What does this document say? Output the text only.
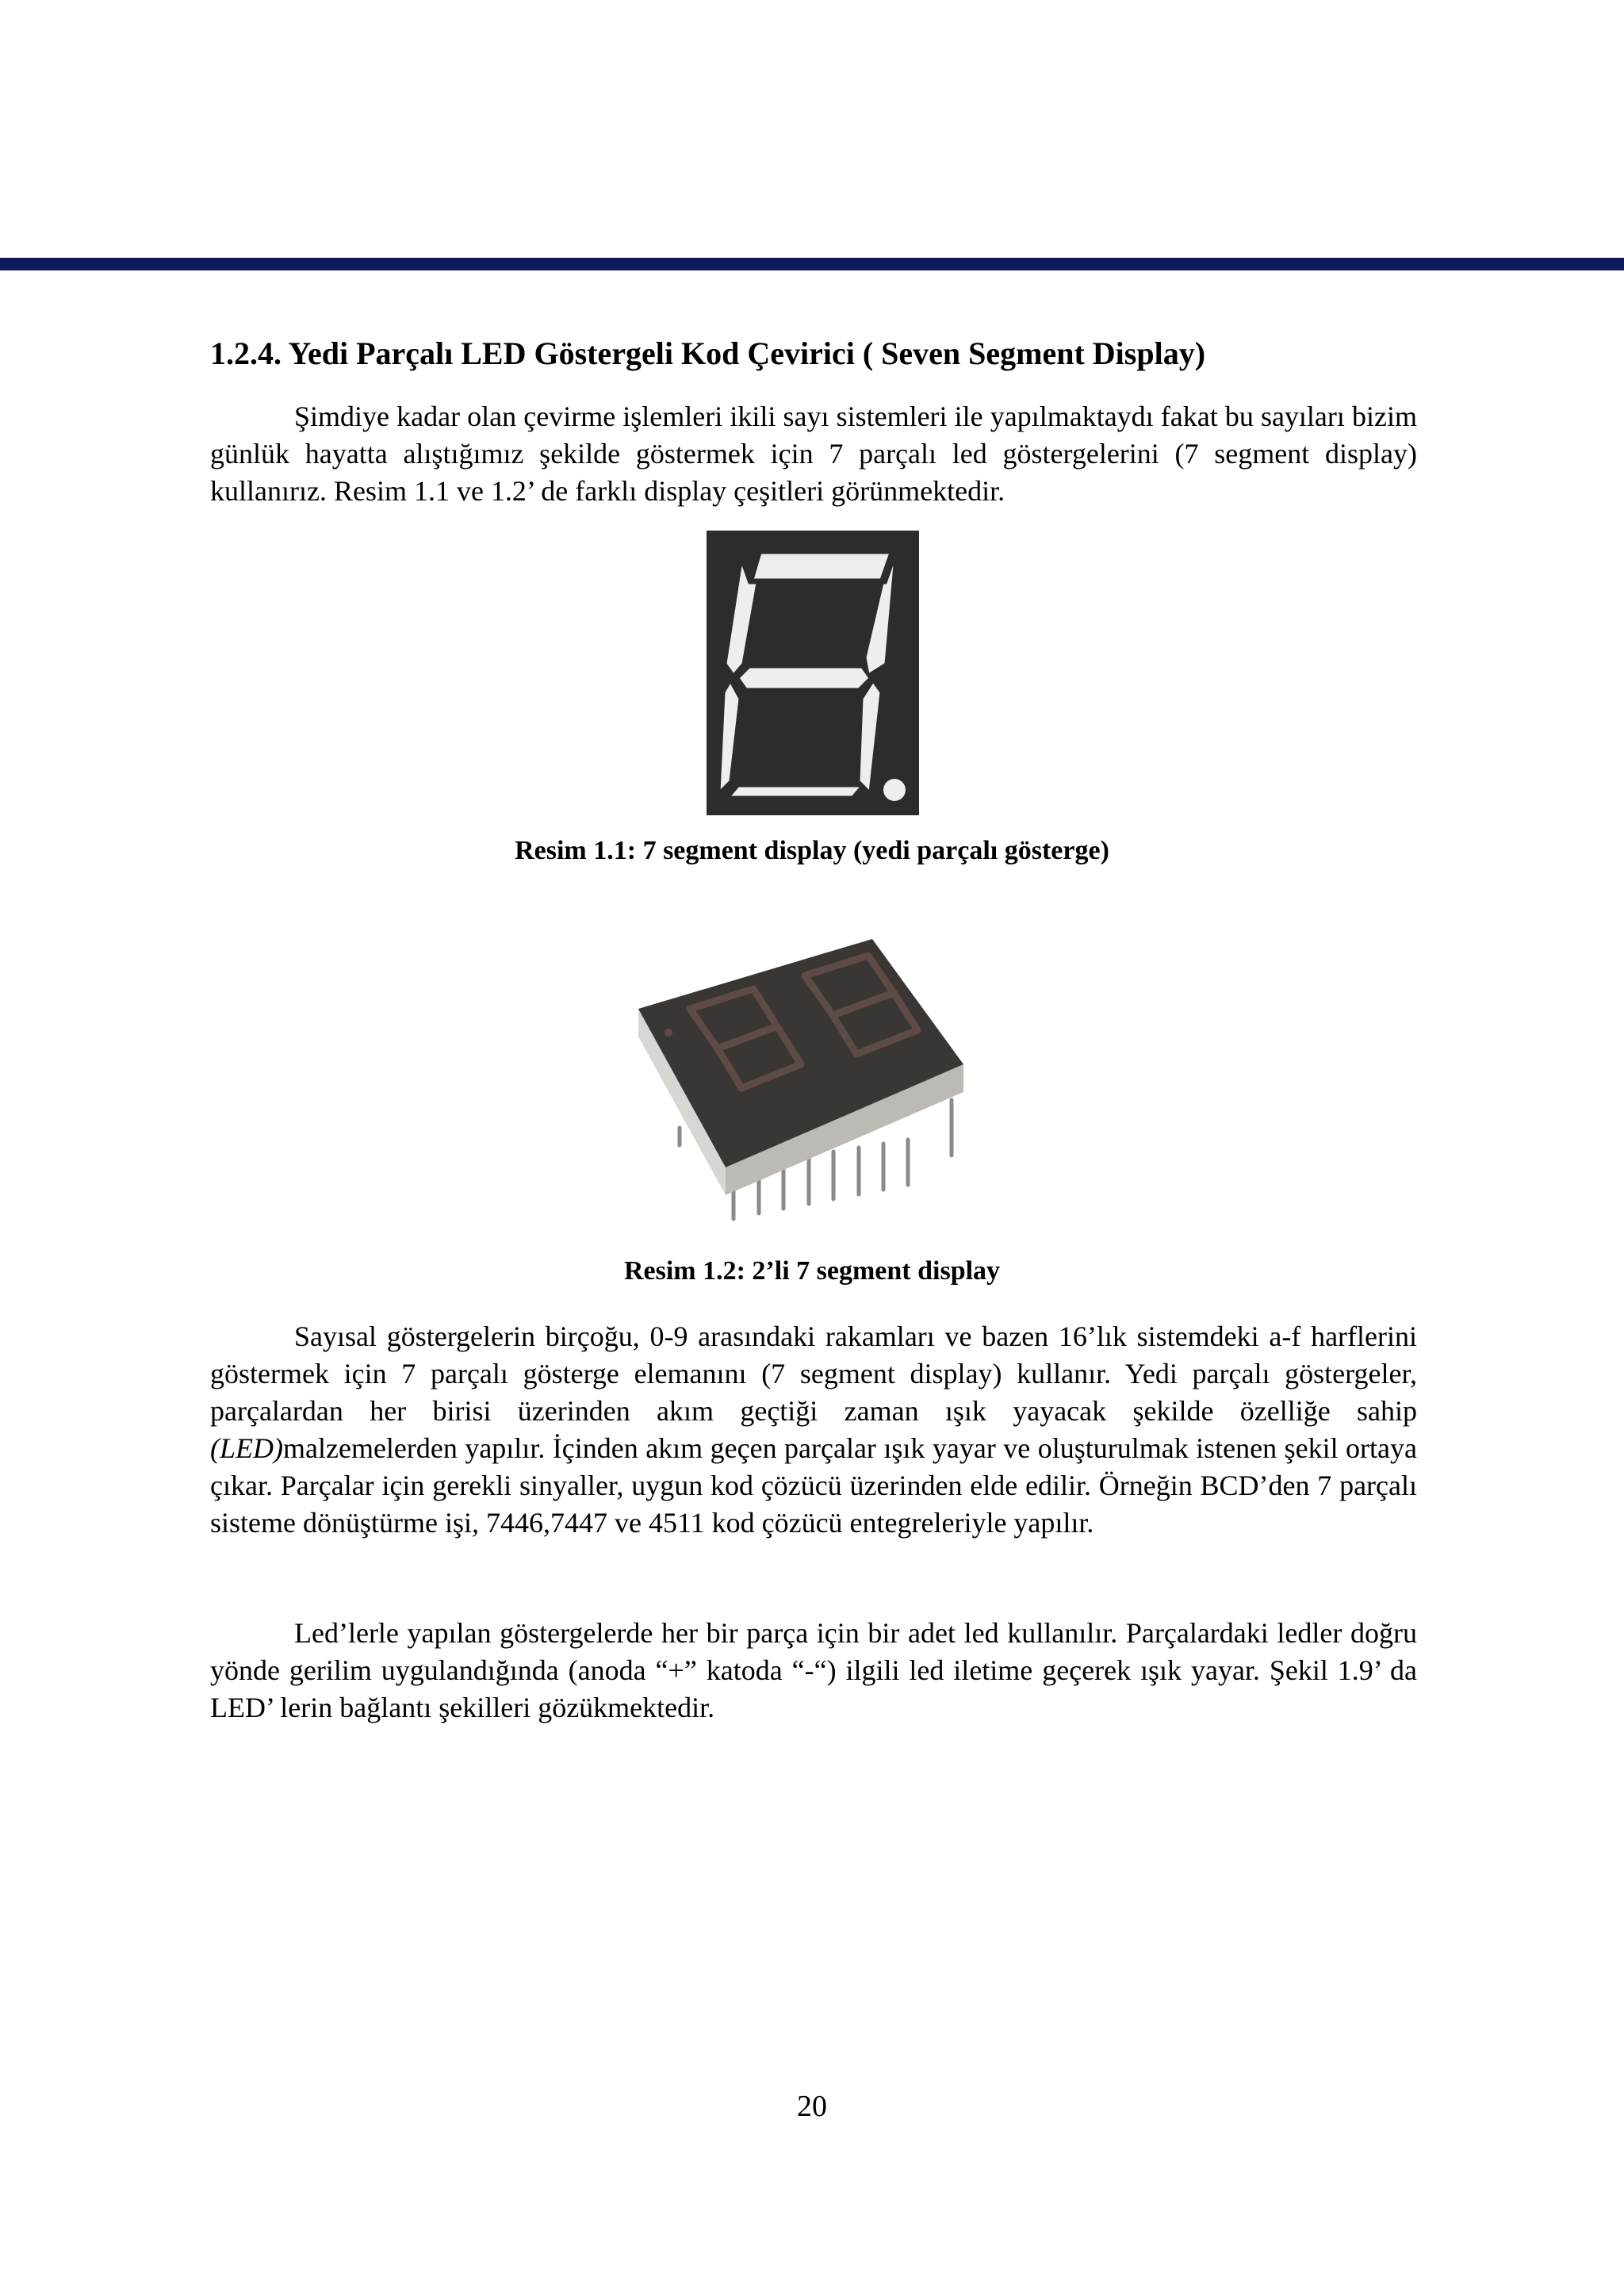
1.2.4. Yedi Parçalı LED Göstergeli Kod Çevirici ( Seven Segment Display)

Şimdiye kadar olan çevirme işlemleri ikili sayı sistemleri ile yapılmaktaydı fakat bu sayıları bizim günlük hayatta alıştığımız şekilde göstermek için 7 parçalı led göstergelerini (7 segment display) kullanırız. Resim 1.1 ve 1.2’ de farklı display çeşitleri görünmektedir.

Resim 1.1: 7 segment display (yedi parçalı gösterge)

Resim 1.2: 2’li 7 segment display

Sayısal göstergelerin birçoğu, 0-9 arasındaki rakamları ve bazen 16’lık sistemdeki a-f harflerini göstermek için 7 parçalı gösterge elemanını (7 segment display) kullanır. Yedi parçalı göstergeler, parçalardan her birisi üzerinden akım geçtiği zaman ışık yayacak şekilde özelliğe sahip (LED)malzemelerden yapılır. İçinden akım geçen parçalar ışık yayar ve oluşturulmak istenen şekil ortaya çıkar. Parçalar için gerekli sinyaller, uygun kod çözücü üzerinden elde edilir. Örneğin BCD’den 7 parçalı sisteme dönüştürme işi, 7446,7447 ve 4511 kod çözücü entegreleriyle yapılır.

Led’lerle yapılan göstergelerde her bir parça için bir adet led kullanılır. Parçalardaki ledler doğru yönde gerilim uygulandığında (anoda “+” katoda “-“) ilgili led iletime geçerek ışık yayar. Şekil 1.9’ da LED’ lerin bağlantı şekilleri gözükmektedir.

20
